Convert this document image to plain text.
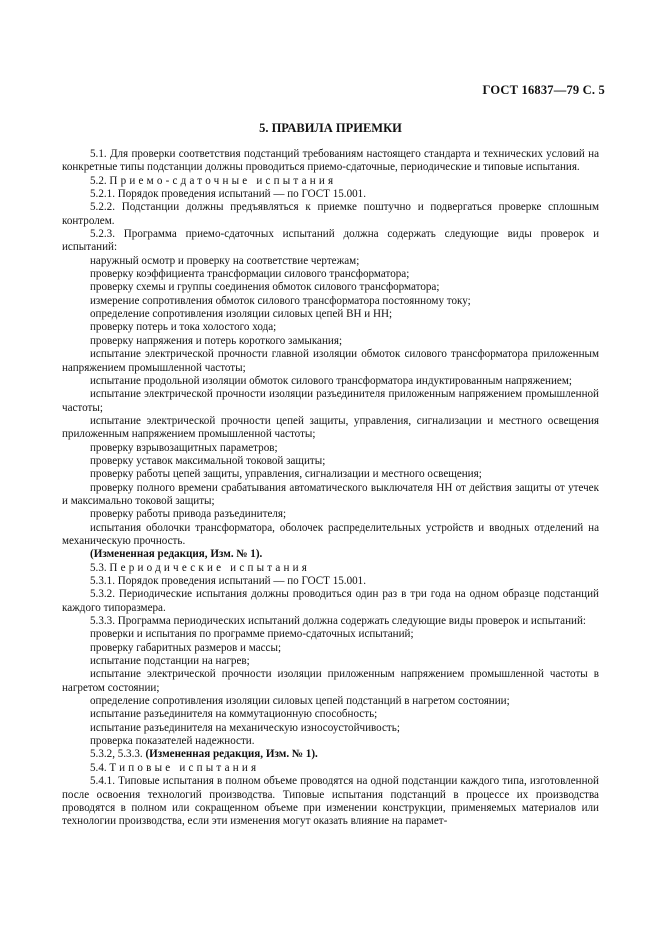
ГОСТ 16837—79 С. 5
5. ПРАВИЛА ПРИЕМКИ

5.1. Для проверки соответствия подстанций требованиям настоящего стандарта и технических условий на конкретные типы подстанции должны проводиться приемо-сдаточные, периодические и типовые испытания.

5.2. Приемо-сдаточные испытания

5.2.1. Порядок проведения испытаний — по ГОСТ 15.001.

5.2.2. Подстанции должны предъявляться к приемке поштучно и подвергаться проверке сплошным контролем.

5.2.3. Программа приемо-сдаточных испытаний должна содержать следующие виды проверок и испытаний:

наружный осмотр и проверку на соответствие чертежам;

проверку коэффициента трансформации силового трансформатора;

проверку схемы и группы соединения обмоток силового трансформатора;

измерение сопротивления обмоток силового трансформатора постоянному току;

определение сопротивления изоляции силовых цепей ВН и НН;

проверку потерь и тока холостого хода;

проверку напряжения и потерь короткого замыкания;

испытание электрической прочности главной изоляции обмоток силового трансформатора приложенным напряжением промышленной частоты;

испытание продольной изоляции обмоток силового трансформатора индуктированным напряжением;

испытание электрической прочности изоляции разъединителя приложенным напряжением промышленной частоты;

испытание электрической прочности цепей защиты, управления, сигнализации и местного освещения приложенным напряжением промышленной частоты;

проверку взрывозащитных параметров;

проверку уставок максимальной токовой защиты;

проверку работы цепей защиты, управления, сигнализации и местного освещения;

проверку полного времени срабатывания автоматического выключателя НН от действия защиты от утечек и максимально токовой защиты;

проверку работы привода разъединителя;

испытания оболочки трансформатора, оболочек распределительных устройств и вводных отделений на механическую прочность.

(Измененная редакция, Изм. № 1).

5.3. Периодические испытания

5.3.1. Порядок проведения испытаний — по ГОСТ 15.001.

5.3.2. Периодические испытания должны проводиться один раз в три года на одном образце подстанций каждого типоразмера.

5.3.3. Программа периодических испытаний должна содержать следующие виды проверок и испытаний:

проверки и испытания по программе приемо-сдаточных испытаний;

проверку габаритных размеров и массы;

испытание подстанции на нагрев;

испытание электрической прочности изоляции приложенным напряжением промышленной частоты в нагретом состоянии;

определение сопротивления изоляции силовых цепей подстанций в нагретом состоянии;

испытание разъединителя на коммутационную способность;

испытание разъединителя на механическую износоустойчивость;

проверка показателей надежности.

5.3.2, 5.3.3. (Измененная редакция, Изм. № 1).

5.4. Типовые испытания

5.4.1. Типовые испытания в полном объеме проводятся на одной подстанции каждого типа, изготовленной после освоения технологий производства. Типовые испытания подстанций в процессе их производства проводятся в полном или сокращенном объеме при изменении конструкции, применяемых материалов или технологии производства, если эти изменения могут оказать влияние на парамет-
